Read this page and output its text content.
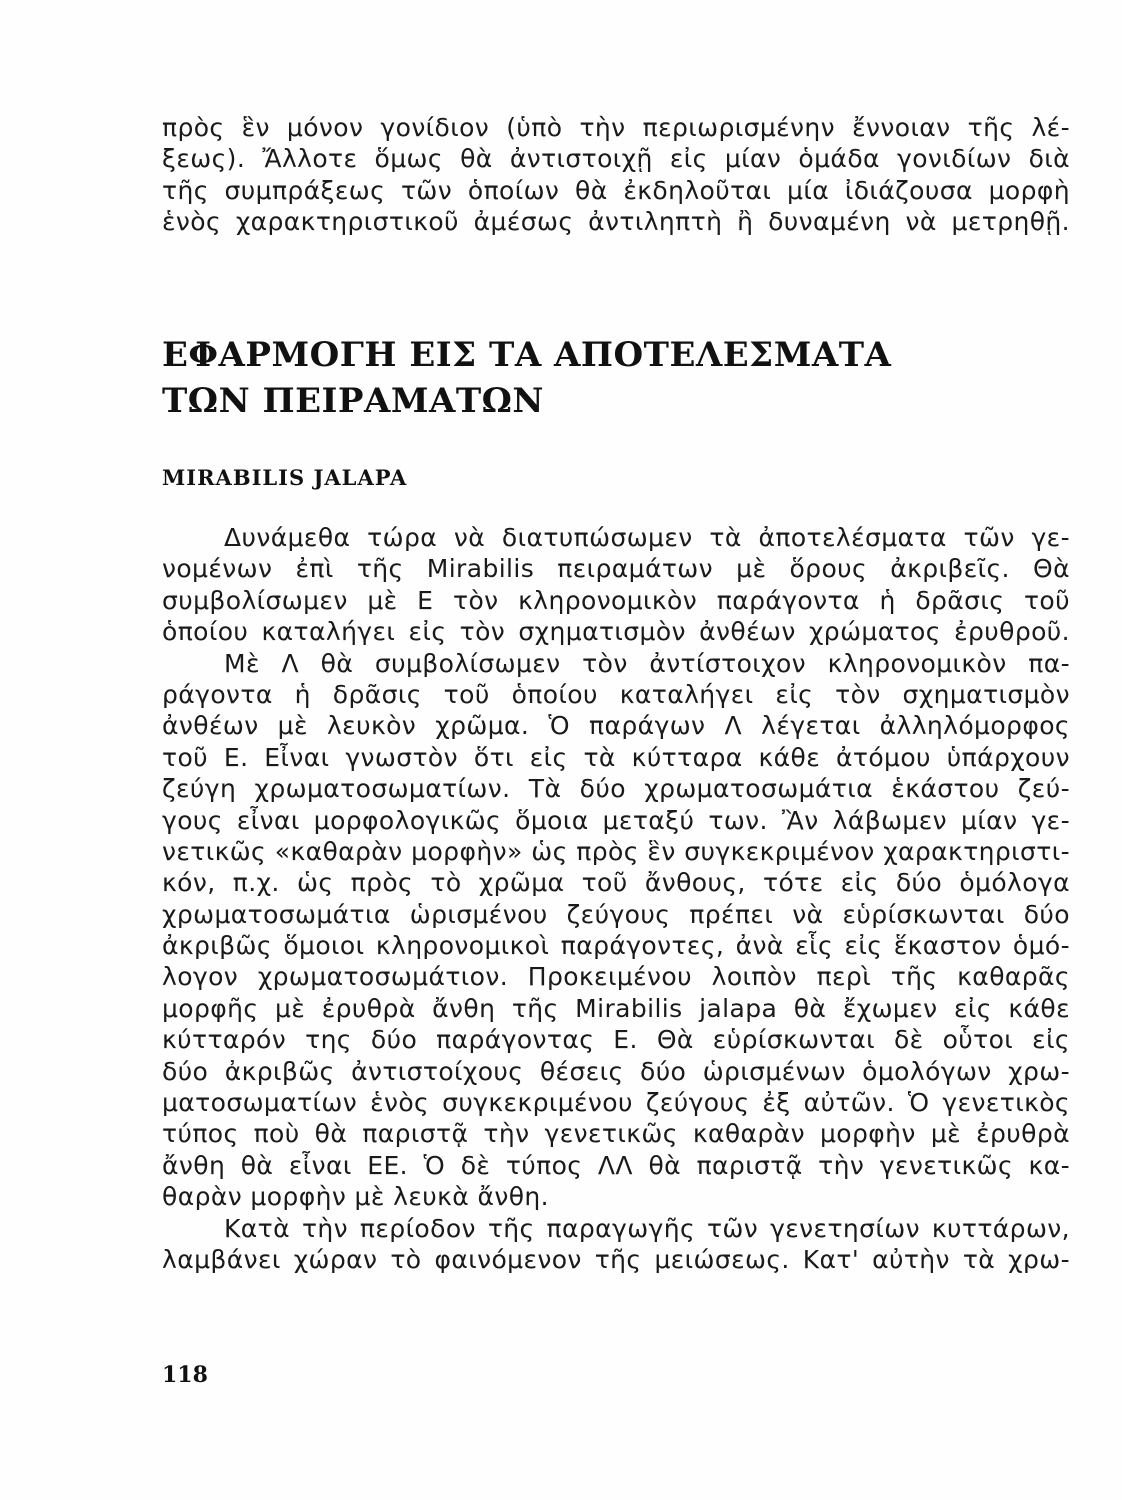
πρὸς ἓν μόνον γονίδιον (ὑπὸ τὴν περιωρισμένην ἔννοιαν τῆς λέ-
ξεως). Ἄλλοτε ὅμως θὰ ἀντιστοιχῇ εἰς μίαν ὁμάδα γονιδίων διὰ
τῆς συμπράξεως τῶν ὁποίων θὰ ἐκδηλοῦται μία ἰδιάζουσα μορφὴ
ἑνὸς χαρακτηριστικοῦ ἀμέσως ἀντιληπτὴ ἢ δυναμένη νὰ μετρηθῇ.
ΕΦΑΡΜΟΓΗ ΕΙΣ ΤΑ ΑΠΟΤΕΛΕΣΜΑΤΑ
ΤΩΝ ΠΕΙΡΑΜΑΤΩΝ
MIRABILIS JALAPA
Δυνάμεθα τώρα νὰ διατυπώσωμεν τὰ ἀποτελέσματα τῶν γε-
νομένων ἐπὶ τῆς Mirabilis πειραμάτων μὲ ὅρους ἀκριβεῖς. Θὰ
συμβολίσωμεν μὲ Ε τὸν κληρονομικὸν παράγοντα ἡ δρᾶσις τοῦ
ὁποίου καταλήγει εἰς τὸν σχηματισμὸν ἀνθέων χρώματος ἐρυθροῦ.
Μὲ Λ θὰ συμβολίσωμεν τὸν ἀντίστοιχον κληρονομικὸν πα-
ράγοντα ἡ δρᾶσις τοῦ ὁποίου καταλήγει εἰς τὸν σχηματισμὸν
ἀνθέων μὲ λευκὸν χρῶμα. Ὁ παράγων Λ λέγεται ἀλληλόμορφος
τοῦ Ε. Εἶναι γνωστὸν ὅτι εἰς τὰ κύτταρα κάθε ἀτόμου ὑπάρχουν
ζεύγη χρωματοσωματίων. Τὰ δύο χρωματοσωμάτια ἑκάστου ζεύ-
γους εἶναι μορφολογικῶς ὅμοια μεταξύ των. Ἂν λάβωμεν μίαν γε-
νετικῶς «καθαρὰν μορφὴν» ὡς πρὸς ἓν συγκεκριμένον χαρακτηριστι-
κόν, π.χ. ὡς πρὸς τὸ χρῶμα τοῦ ἄνθους, τότε εἰς δύο ὁμόλογα
χρωματοσωμάτια ὡρισμένου ζεύγους πρέπει νὰ εὑρίσκωνται δύο
ἀκριβῶς ὅμοιοι κληρονομικοὶ παράγοντες, ἀνὰ εἷς εἰς ἕκαστον ὁμό-
λογον χρωματοσωμάτιον. Προκειμένου λοιπὸν περὶ τῆς καθαρᾶς
μορφῆς μὲ ἐρυθρὰ ἄνθη τῆς Mirabilis jalapa θὰ ἔχωμεν εἰς κάθε
κύτταρόν της δύο παράγοντας Ε. Θὰ εὑρίσκωνται δὲ οὗτοι εἰς
δύο ἀκριβῶς ἀντιστοίχους θέσεις δύο ὡρισμένων ὁμολόγων χρω-
ματοσωματίων ἑνὸς συγκεκριμένου ζεύγους ἐξ αὐτῶν. Ὁ γενετικὸς
τύπος ποὺ θὰ παριστᾷ τὴν γενετικῶς καθαρὰν μορφὴν μὲ ἐρυθρὰ
ἄνθη θὰ εἶναι ΕΕ. Ὁ δὲ τύπος ΛΛ θὰ παριστᾷ τὴν γενετικῶς κα-
θαρὰν μορφὴν μὲ λευκὰ ἄνθη.
Κατὰ τὴν περίοδον τῆς παραγωγῆς τῶν γενετησίων κυττάρων,
λαμβάνει χώραν τὸ φαινόμενον τῆς μειώσεως. Κατ' αὐτὴν τὰ χρω-
118
